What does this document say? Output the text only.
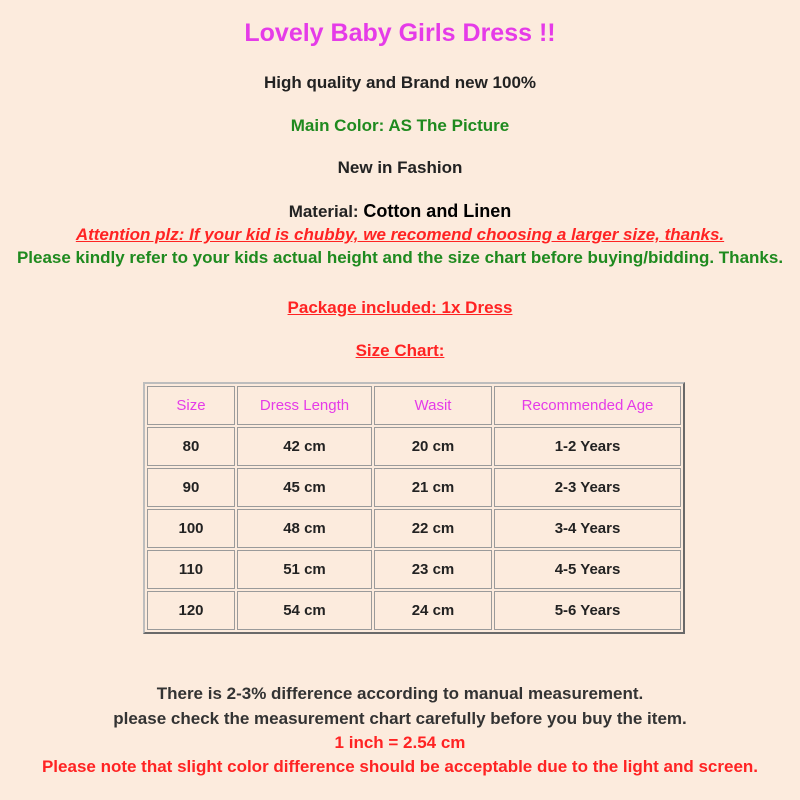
Lovely Baby Girls Dress !!
High quality and Brand new 100%
Main Color: AS The Picture
New in Fashion
Material: Cotton and Linen
Attention plz: If your kid is chubby, we recomend choosing a larger size, thanks.
Please kindly refer to your kids actual height and the size chart before buying/bidding. Thanks.
Package included: 1x Dress
Size Chart:
Size	Dress Length	Wasit	Recommended Age
80	42 cm	20 cm	1-2 Years
90	45 cm	21 cm	2-3 Years
100	48 cm	22 cm	3-4 Years
110	51 cm	23 cm	4-5 Years
120	54 cm	24 cm	5-6 Years
There is 2-3% difference according to manual measurement.
please check the measurement chart carefully before you buy the item.
1 inch = 2.54 cm
Please note that slight color difference should be acceptable due to the light and screen.
